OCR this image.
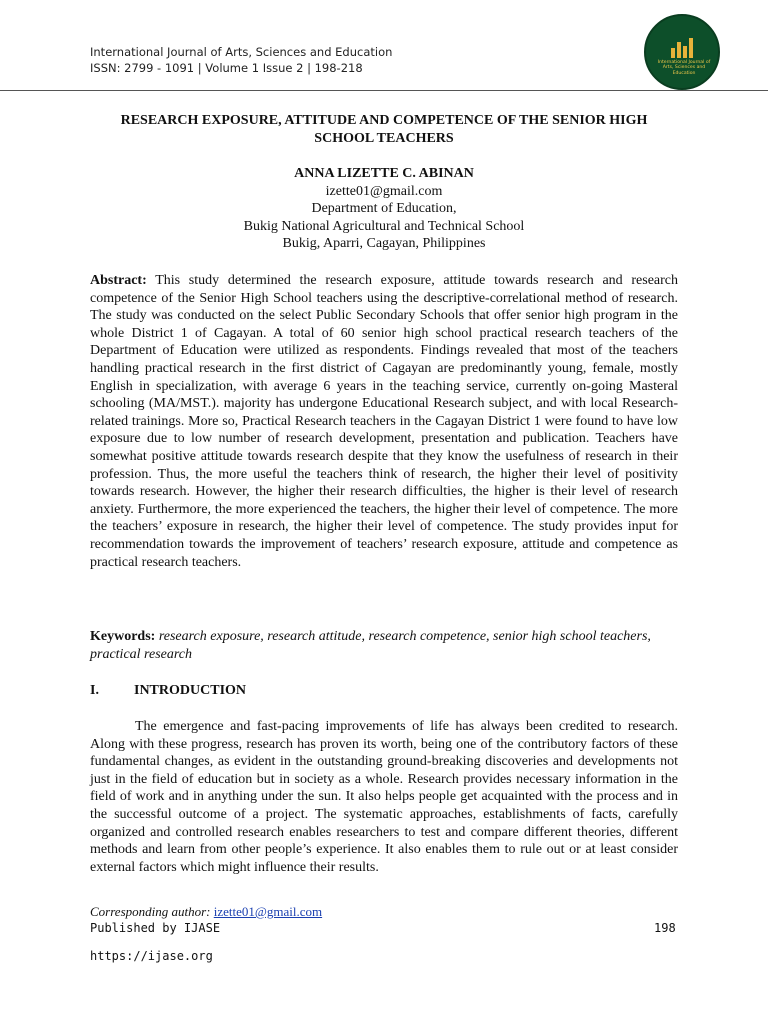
International Journal of Arts, Sciences and Education
ISSN: 2799 - 1091 | Volume 1 Issue 2 | 198-218	International Journal of Arts, Sciences and Education
RESEARCH EXPOSURE, ATTITUDE AND COMPETENCE OF THE SENIOR HIGH SCHOOL TEACHERS
ANNA LIZETTE C. ABINAN
izette01@gmail.com
Department of Education,
Bukig National Agricultural and Technical School
Bukig, Aparri, Cagayan, Philippines
Abstract: This study determined the research exposure, attitude towards research and research competence of the Senior High School teachers using the descriptive-correlational method of research. The study was conducted on the select Public Secondary Schools that offer senior high program in the whole District 1 of Cagayan. A total of 60 senior high school practical research teachers of the Department of Education were utilized as respondents. Findings revealed that most of the teachers handling practical research in the first district of Cagayan are predominantly young, female, mostly English in specialization, with average 6 years in the teaching service, currently on-going Masteral schooling (MA/MST.). majority has undergone Educational Research subject, and with local Research-related trainings. More so, Practical Research teachers in the Cagayan District 1 were found to have low exposure due to low number of research development, presentation and publication. Teachers have somewhat positive attitude towards research despite that they know the usefulness of research in their profession. Thus, the more useful the teachers think of research, the higher their level of positivity towards research. However, the higher their research difficulties, the higher is their level of research anxiety. Furthermore, the more experienced the teachers, the higher their level of competence. The more the teachers’ exposure in research, the higher their level of competence. The study provides input for recommendation towards the improvement of teachers’ research exposure, attitude and competence as practical research teachers.
Keywords: research exposure, research attitude, research competence, senior high school teachers, practical research
I.	INTRODUCTION
The emergence and fast-pacing improvements of life has always been credited to research. Along with these progress, research has proven its worth, being one of the contributory factors of these fundamental changes, as evident in the outstanding ground-breaking discoveries and developments not just in the field of education but in society as a whole. Research provides necessary information in the field of work and in anything under the sun. It also helps people get acquainted with the process and in the successful outcome of a project. The systematic approaches, establishments of facts, carefully organized and controlled research enables researchers to test and compare different theories, different methods and learn from other people’s experience. It also enables them to rule out or at least consider external factors which might influence their results.
Corresponding author: izette01@gmail.com
Published by IJASE	198
https://ijase.org
